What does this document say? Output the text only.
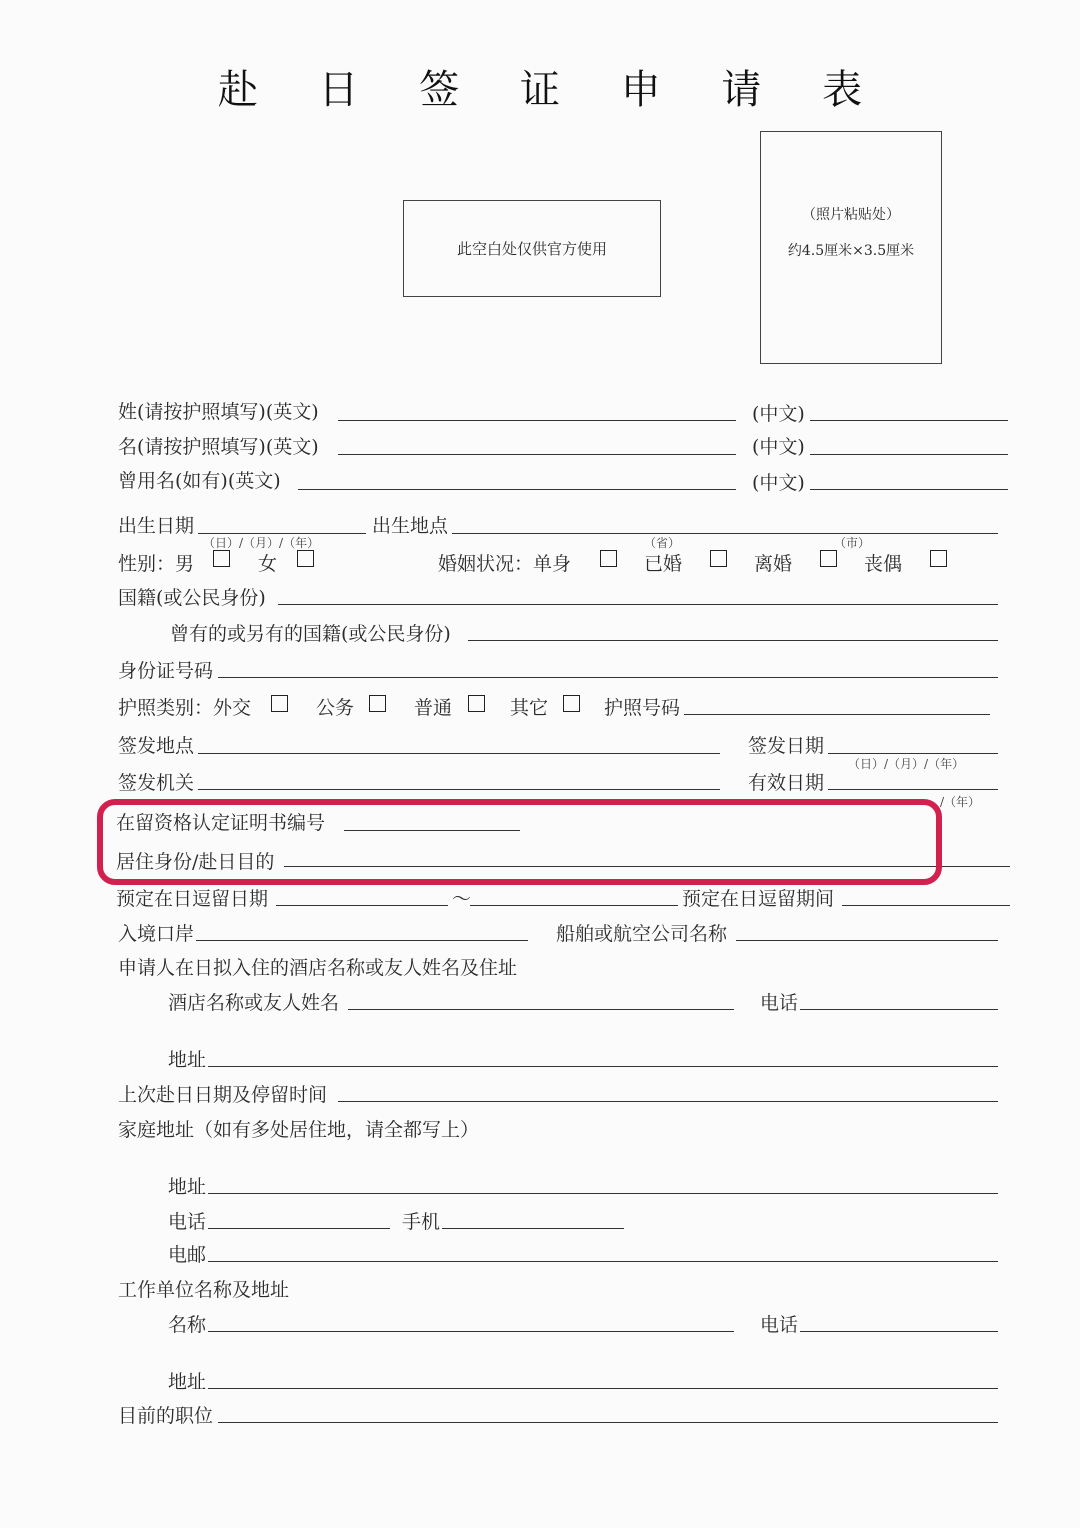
赴 日 签 证 申 请 表
此空白处仅供官方使用
（照片粘贴处）
约4.5厘米×3.5厘米
姓(请按护照填写)(英文)	(中文)
名(请按护照填写)(英文)	(中文)
曾用名(如有)(英文)	(中文)
出生日期
（日）/（月）/（年）
出生地点
（省）	（市）
性别：男	女	婚姻状况：单身	已婚	离婚	丧偶
国籍(或公民身份)
曾有的或另有的国籍(或公民身份)
身份证号码
护照类别：外交	公务	普通	其它	护照号码
签发地点	签发日期
（日）/（月）/（年）
签发机关	有效日期
/（年）
在留资格认定证明书编号
居住身份/赴日目的
预定在日逗留日期	～	预定在日逗留期间
入境口岸	船舶或航空公司名称
申请人在日拟入住的酒店名称或友人姓名及住址
酒店名称或友人姓名	电话
地址
上次赴日日期及停留时间
家庭地址（如有多处居住地，请全都写上）
地址
电话	手机
电邮
工作单位名称及地址
名称	电话
地址
目前的职位
